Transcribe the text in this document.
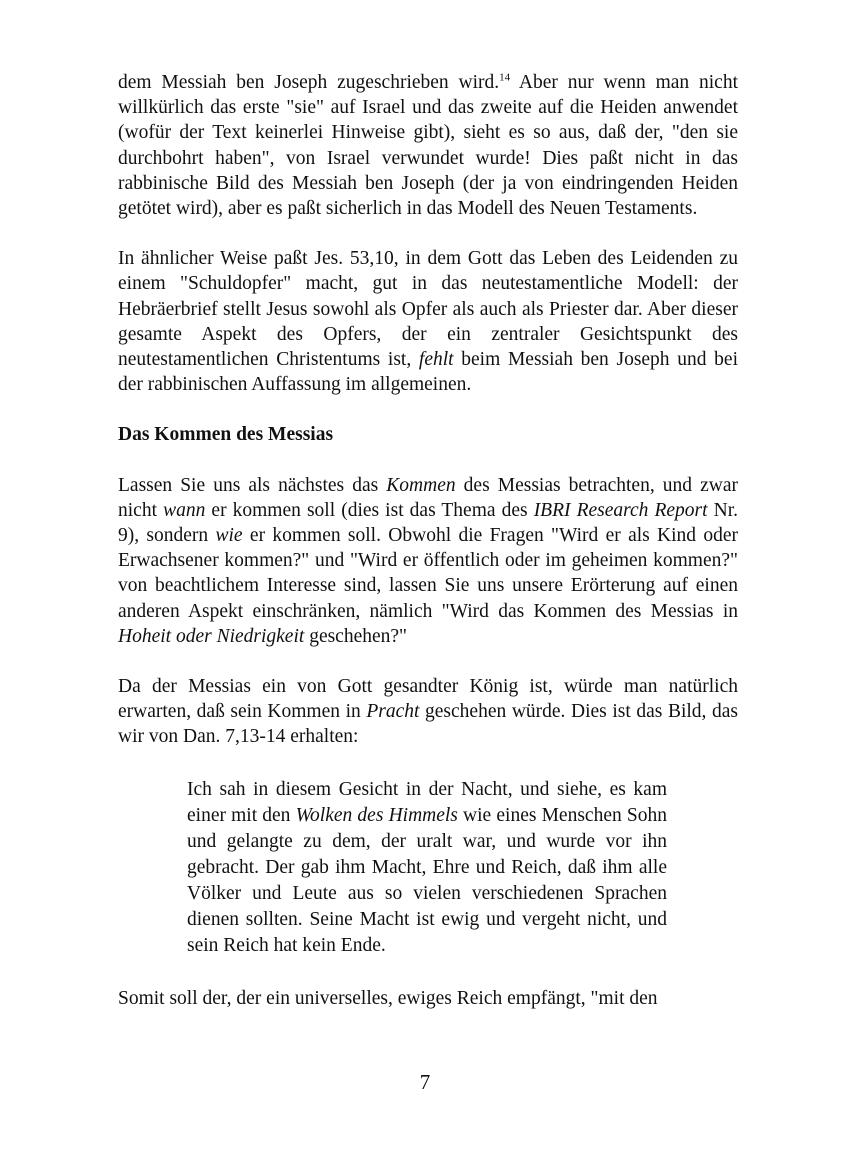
dem Messiah ben Joseph zugeschrieben wird.$^{14}$ Aber nur wenn man nicht willkürlich das erste "sie" auf Israel und das zweite auf die Heiden anwendet (wofür der Text keinerlei Hinweise gibt), sieht es so aus, daß der, "den sie durchbohrt haben", von Israel verwundet wurde! Dies paßt nicht in das rabbinische Bild des Messiah ben Joseph (der ja von eindringenden Heiden getötet wird), aber es paßt sicherlich in das Modell des Neuen Testaments.

In ähnlicher Weise paßt Jes. 53,10, in dem Gott das Leben des Leidenden zu einem "Schuldopfer" macht, gut in das neutestamentliche Modell: der Hebräerbrief stellt Jesus sowohl als Opfer als auch als Priester dar. Aber dieser gesamte Aspekt des Opfers, der ein zentraler Gesichtspunkt des neutestamentlichen Christentums ist, fehlt beim Messiah ben Joseph und bei der rabbinischen Auffassung im allgemeinen.

Das Kommen des Messias

Lassen Sie uns als nächstes das Kommen des Messias betrachten, und zwar nicht wann er kommen soll (dies ist das Thema des IBRI Research Report Nr. 9), sondern wie er kommen soll. Obwohl die Fragen "Wird er als Kind oder Erwachsener kommen?" und "Wird er öffentlich oder im geheimen kommen?" von beachtlichem Interesse sind, lassen Sie uns unsere Erörterung auf einen anderen Aspekt einschränken, nämlich "Wird das Kommen des Messias in Hoheit oder Niedrigkeit geschehen?"

Da der Messias ein von Gott gesandter König ist, würde man natürlich erwarten, daß sein Kommen in Pracht geschehen würde. Dies ist das Bild, das wir von Dan. 7,13-14 erhalten:

Ich sah in diesem Gesicht in der Nacht, und siehe, es kam einer mit den Wolken des Himmels wie eines Menschen Sohn und gelangte zu dem, der uralt war, und wurde vor ihn gebracht. Der gab ihm Macht, Ehre und Reich, daß ihm alle Völker und Leute aus so vielen verschiedenen Sprachen dienen sollten. Seine Macht ist ewig und vergeht nicht, und sein Reich hat kein Ende.

Somit soll der, der ein universelles, ewiges Reich empfängt, "mit den

7
